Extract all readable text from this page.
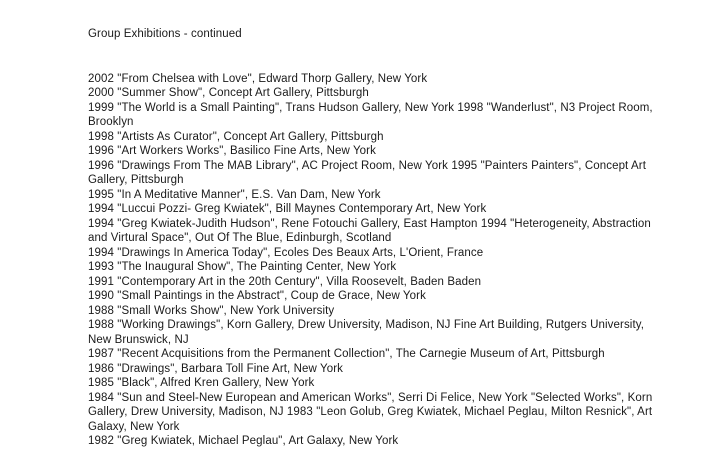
Group Exhibitions - continued

2002 "From Chelsea with Love", Edward Thorp Gallery, New York

2000 "Summer Show", Concept Art Gallery, Pittsburgh

1999 "The World is a Small Painting", Trans Hudson Gallery, New York 1998 "Wanderlust", N3 Project Room, Brooklyn

1998 "Artists As Curator", Concept Art Gallery, Pittsburgh

1996 "Art Workers Works", Basilico Fine Arts, New York

1996 "Drawings From The MAB Library", AC Project Room, New York 1995 "Painters Painters", Concept Art Gallery, Pittsburgh

1995 "In A Meditative Manner", E.S. Van Dam, New York

1994 "Luccui Pozzi- Greg Kwiatek", Bill Maynes Contemporary Art, New York

1994 "Greg Kwiatek-Judith Hudson", Rene Fotouchi Gallery, East Hampton 1994 "Heterogeneity, Abstraction and Virtural Space", Out Of The Blue, Edinburgh, Scotland

1994 "Drawings In America Today", Ecoles Des Beaux Arts, L'Orient, France

1993 "The Inaugural Show", The Painting Center, New York

1991 "Contemporary Art in the 20th Century", Villa Roosevelt, Baden Baden

1990 "Small Paintings in the Abstract", Coup de Grace, New York

1988 "Small Works Show", New York University

1988 "Working Drawings", Korn Gallery, Drew University, Madison, NJ Fine Art Building, Rutgers University, New Brunswick, NJ

1987 "Recent Acquisitions from the Permanent Collection", The Carnegie Museum of Art, Pittsburgh

1986 "Drawings", Barbara Toll Fine Art, New York

1985 "Black", Alfred Kren Gallery, New York

1984 "Sun and Steel-New European and American Works", Serri Di Felice, New York "Selected Works", Korn Gallery, Drew University, Madison, NJ 1983 "Leon Golub, Greg Kwiatek, Michael Peglau, Milton Resnick", Art Galaxy, New York

1982 "Greg Kwiatek, Michael Peglau", Art Galaxy, New York
